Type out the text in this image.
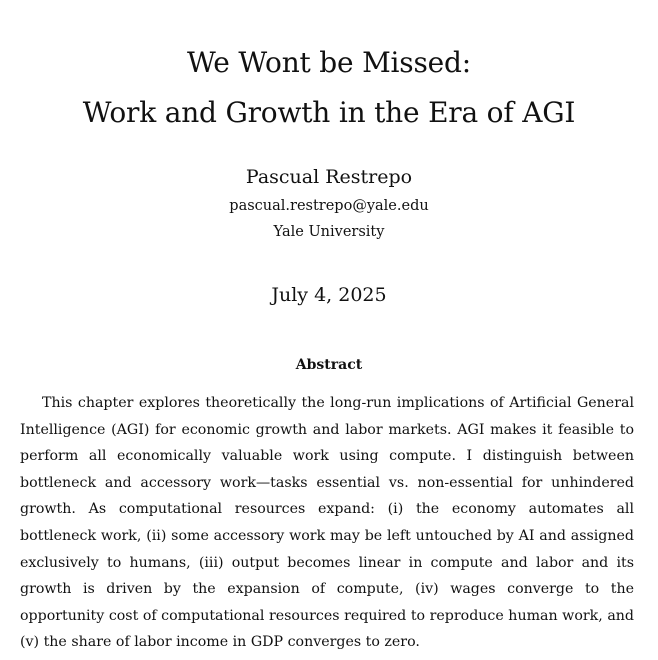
We Wont be Missed:
Work and Growth in the Era of AGI
Pascual Restrepo
pascual.restrepo@yale.edu
Yale University
July 4, 2025
Abstract

This chapter explores theoretically the long-run implications of Artificial General Intelligence (AGI) for economic growth and labor markets. AGI makes it feasible to perform all economically valuable work using compute. I distinguish between bottleneck and accessory work—tasks essential vs. non-essential for unhindered growth. As computational resources expand: (i) the economy automates all bottleneck work, (ii) some accessory work may be left untouched by AI and assigned exclusively to humans, (iii) output becomes linear in compute and labor and its growth is driven by the expansion of compute, (iv) wages converge to the opportunity cost of computational resources required to reproduce human work, and (v) the share of labor income in GDP converges to zero.
